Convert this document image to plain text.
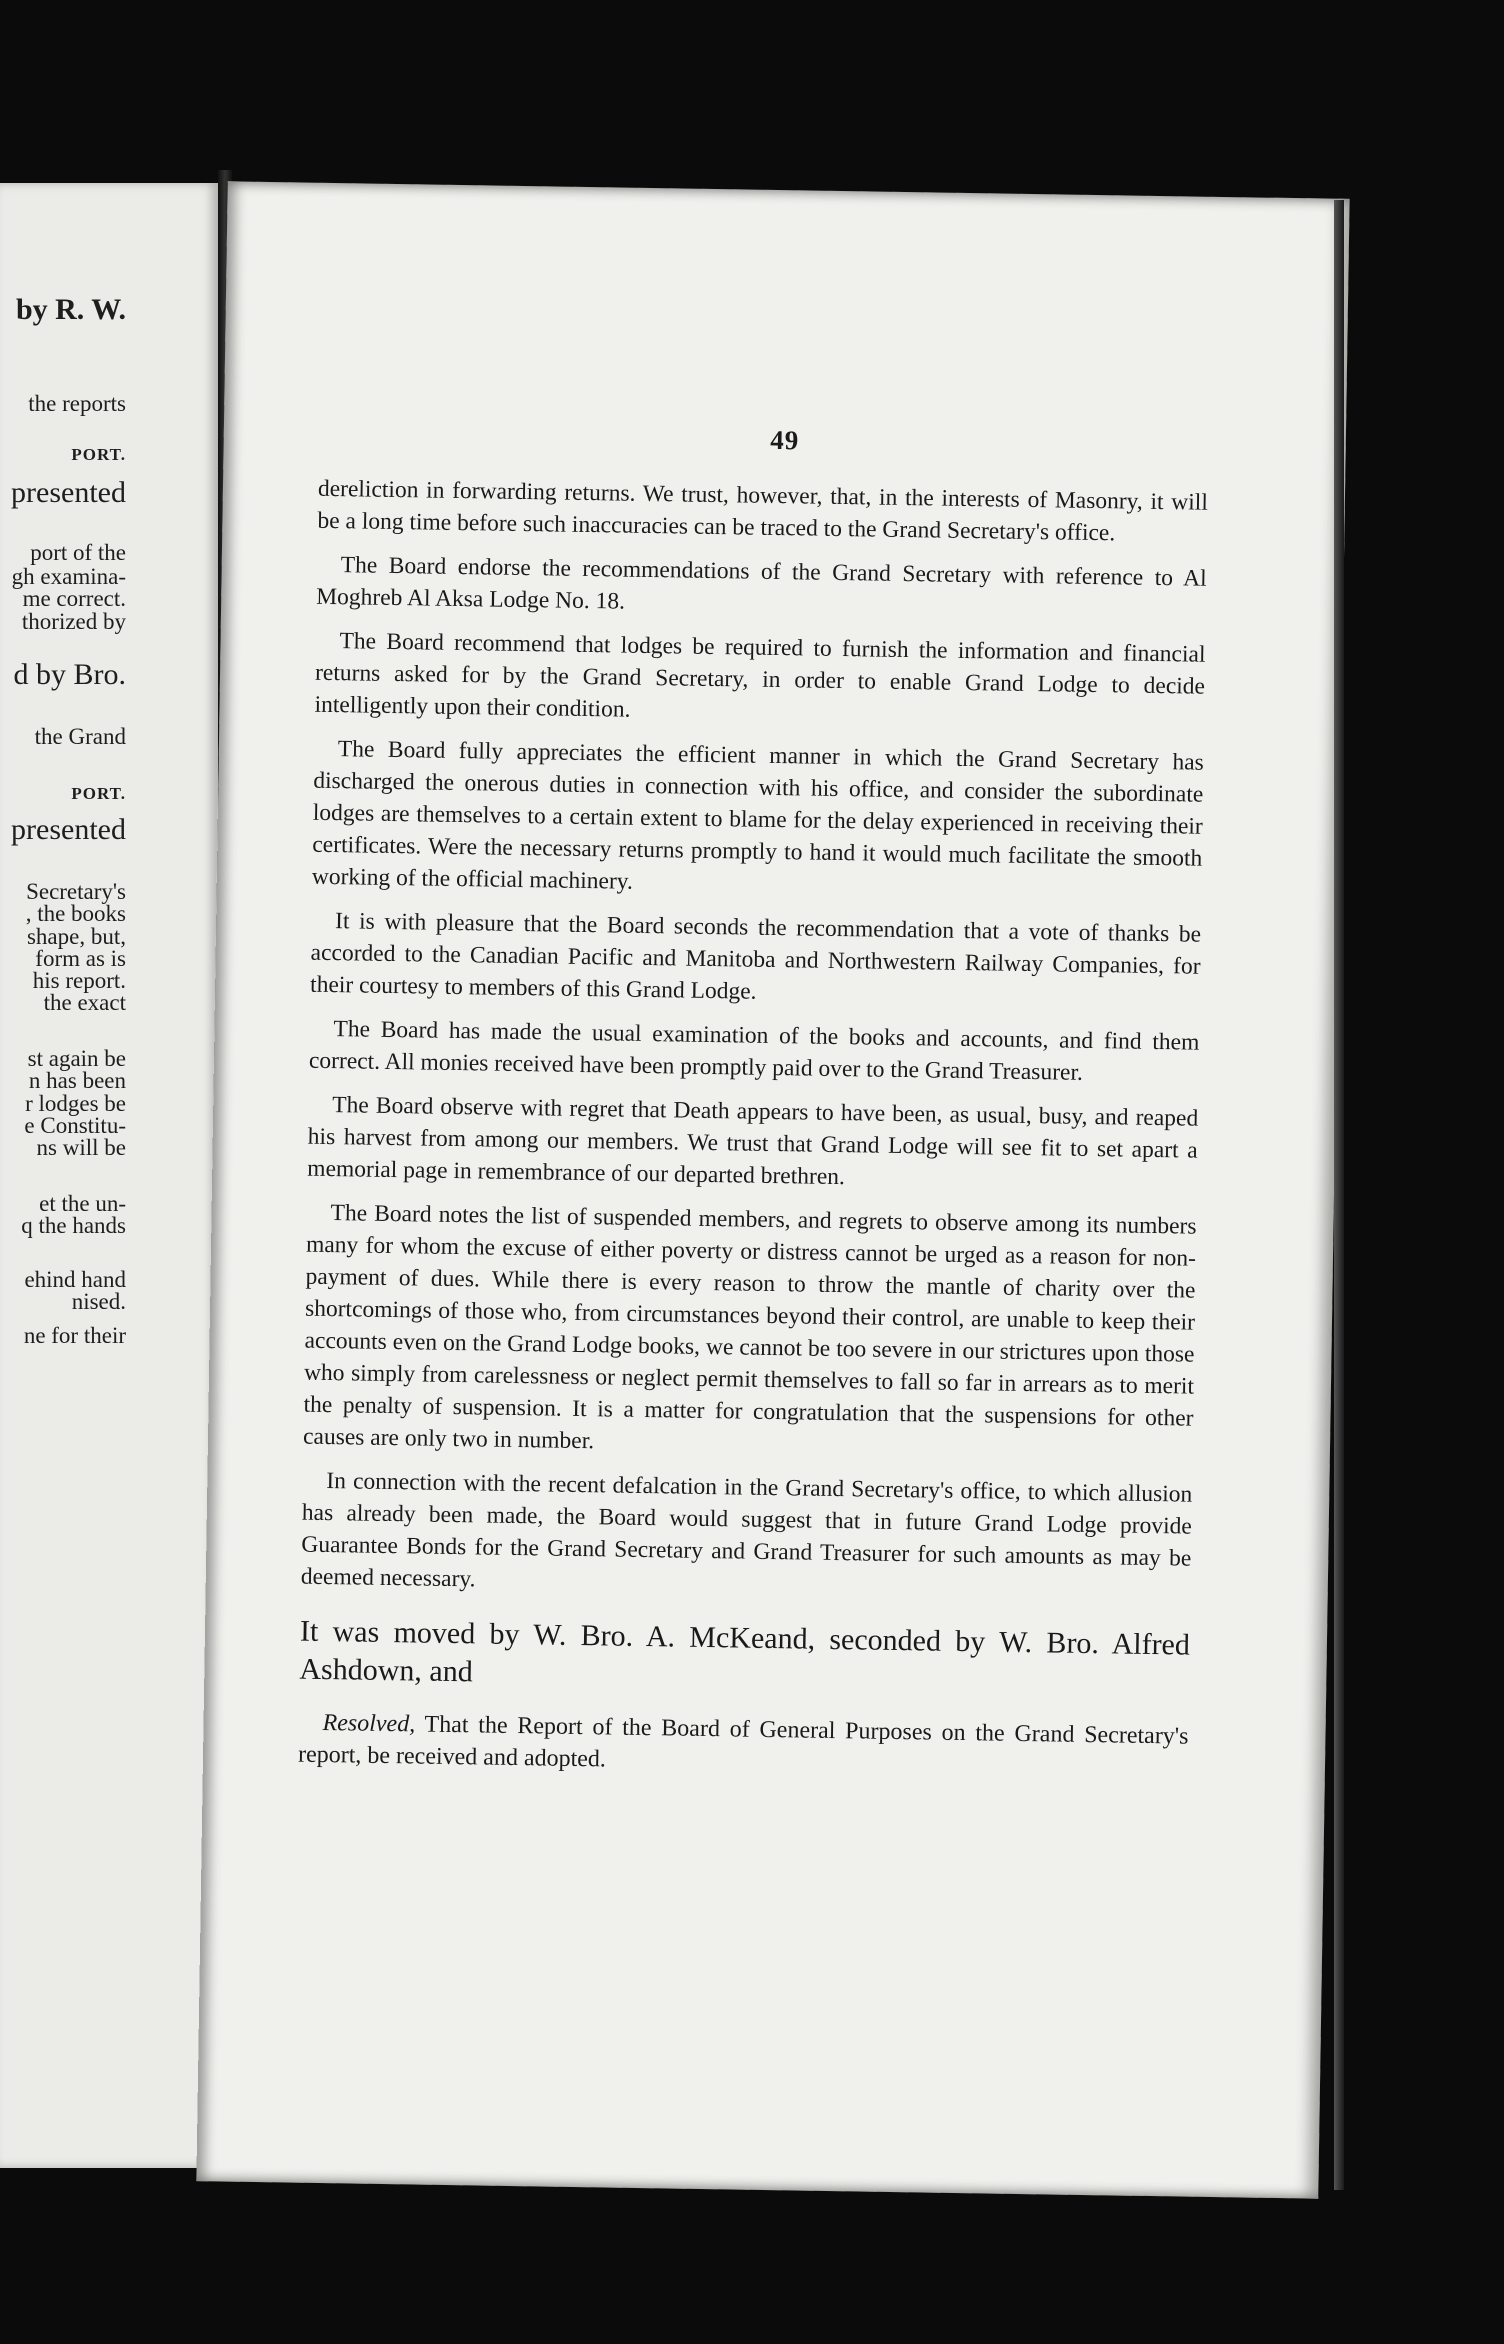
by R. W.
the reports
PORT.
presented
port of the
gh examina-
me correct.
thorized by
d by Bro.
the Grand
PORT.
presented
Secretary's
, the books
shape, but,
form as is
his report.
the exact
st again be
n has been
r lodges be
e Constitu-
ns will be
et the un-
q the hands
ehind hand
nised.
ne for their
49

dereliction in forwarding returns. We trust, however, that, in the interests of Masonry, it will be a long time before such inaccuracies can be traced to the Grand Secretary's office.

The Board endorse the recommendations of the Grand Secretary with reference to Al Moghreb Al Aksa Lodge No. 18.

The Board recommend that lodges be required to furnish the information and financial returns asked for by the Grand Secretary, in order to enable Grand Lodge to decide intelligently upon their condition.

The Board fully appreciates the efficient manner in which the Grand Secretary has discharged the onerous duties in connection with his office, and consider the subordinate lodges are themselves to a certain extent to blame for the delay experienced in receiving their certificates. Were the necessary returns promptly to hand it would much facilitate the smooth working of the official machinery.

It is with pleasure that the Board seconds the recommendation that a vote of thanks be accorded to the Canadian Pacific and Manitoba and Northwestern Railway Companies, for their courtesy to members of this Grand Lodge.

The Board has made the usual examination of the books and accounts, and find them correct. All monies received have been promptly paid over to the Grand Treasurer.

The Board observe with regret that Death appears to have been, as usual, busy, and reaped his harvest from among our members. We trust that Grand Lodge will see fit to set apart a memorial page in remembrance of our departed brethren.

The Board notes the list of suspended members, and regrets to observe among its numbers many for whom the excuse of either poverty or distress cannot be urged as a reason for non-payment of dues. While there is every reason to throw the mantle of charity over the shortcomings of those who, from circumstances beyond their control, are unable to keep their accounts even on the Grand Lodge books, we cannot be too severe in our strictures upon those who simply from carelessness or neglect permit themselves to fall so far in arrears as to merit the penalty of suspension. It is a matter for congratulation that the suspensions for other causes are only two in number.

In connection with the recent defalcation in the Grand Secretary's office, to which allusion has already been made, the Board would suggest that in future Grand Lodge provide Guarantee Bonds for the Grand Secretary and Grand Treasurer for such amounts as may be deemed necessary.

It was moved by W. Bro. A. McKeand, seconded by W. Bro. Alfred Ashdown, and

Resolved, That the Report of the Board of General Purposes on the Grand Secretary's report, be received and adopted.
